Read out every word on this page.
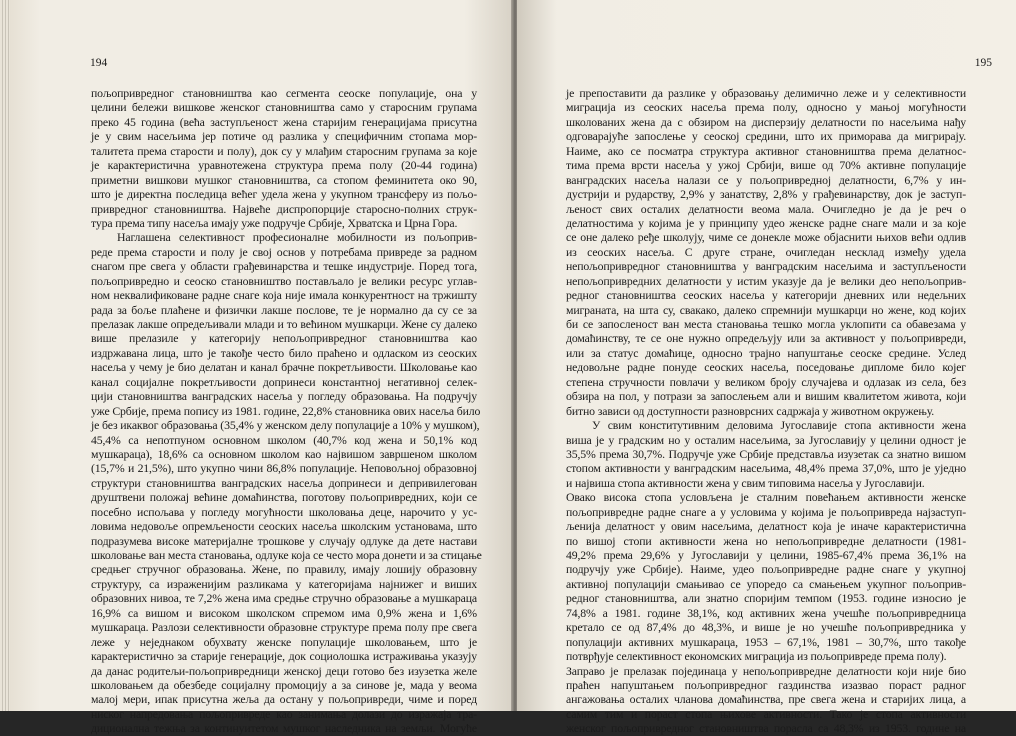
194
пољопривредног становништва као сегмента сеоске популације, она у
целини бележи вишкове женског становништва само у старосним групама
преко 45 година (већа заступљеност жена старијим генерацијама присутна
је у свим насељима јер потиче од разлика у специфичним стопама мор-
талитета према старости и полу), док су у млађим старосним групама за које
је карактеристична уравнотежена структура према полу (20-44 година)
приметни вишкови мушког становништва, са стопом феминитета око 90,
што је директна последица већег удела жена у укупном трансферу из пољо-
привредног становништва. Највеће диспропорције старосно-полних струк-
тура према типу насеља имају уже подручје Србије, Хрватска и Црна Гора.
Наглашена селективност професионалне мобилности из пољоприв-
реде према старости и полу је свој основ у потребама привреде за радном
снагом пре свега у области грађевинарства и тешке индустрије. Поред тога,
пољопривредно и сеоско становништво постављало је велики ресурс углав-
ном неквалификоване радне снаге која није имала конкурентност на тржишту
рада за боље плаћене и физички лакше послове, те је нормално да су се за
прелазак лакше опредељивали млади и то већином мушкарци. Жене су далеко
више прелазиле у категорију непољопривредног становништва као
издржавана лица, што је такође често било праћено и одласком из сеоских
насеља у чему је био делатан и канал брачне покретљивости. Школовање као
канал социјалне покретљивости допринеси константној негативној селек-
цији становништва ванградских насеља у погледу образовања. На подручју
уже Србије, према попису из 1981. године, 22,8% становника ових насеља било
је без икаквог образовања (35,4% у женском делу популације а 10% у мушком),
45,4% са непотпуном основном школом (40,7% код жена и 50,1% код
мушкараца), 18,6% са основном школом као највишом завршеном школом
(15,7% и 21,5%), што укупно чини 86,8% популације. Неповољној образовној
структури становништва ванградских насеља допринеси и депривилегован
друштвени положај већине домаћинства, поготову пољопривредних, који се
посебно испољава у погледу могућности школовања деце, нарочито у ус-
ловима недовоље опремљености сеоских насеља школским установама, што
подразумева високе материјалне трошкове у случају одлуке да дете настави
школовање ван места становања, одлуке која се често мора донети и за стицање
средњег стручног образовања. Жене, по правилу, имају лошију образовну
структуру, са израженијим разликама у категоријама најнижег и виших
образовних нивоа, те 7,2% жена има средње стручно образовање а мушкараца
16,9% са вишом и високом школском спремом има 0,9% жена и 1,6%
мушкараца. Разлози селективности образовне структуре према полу пре свега
леже у неједнаком обухвату женске популације школовањем, што је
карактеристично за старије генерације, док социолошка истраживања указују
да данас родитељи-пољопривредници женској деци готово без изузетка желе
школовањем да обезбеде социјалну промоцију а за синове је, мада у веома
малој мери, ипак присутна жеља да остану у пољопривреди, чиме и поред
ниског напредовања пољопривреде као занимања долази до изражаја тра-
диционална тежња за континуитетом мушког наследника на земљи. Могуће
195
је препоставити да разлике у образовању делимично леже и у селективности
миграција из сеоских насеља према полу, односно у мањој могућности
школованих жена да с обзиром на дисперзију делатности по насељима нађу
одговарајуће запослење у сеоској средини, што их примoрава да мигрирају.
Наиме, ако се посматра структура активног становништва према делатнос-
тима према врсти насеља у ужој Србији, више од 70% активне популације
ванградских насеља налази се у пољопривредној делатности, 6,7% у ин-
дустрији и рударству, 2,9% у занатству, 2,8% у грађевинарству, док је заступ-
љеност свих осталих делатности веома мала. Очигледно је да је реч о
делатностима у којима је у принципу удео женске радне снаге мали и за које
се оне далеко ређе школују, чиме се донекле може објаснити њихов већи одлив
из сеоских насеља. С друге стране, очигледан несклад између удела
непољопривредног становништва у ванградским насељима и заступљености
непољопривредних делатности у истим указује да је велики део непољоприв-
редног становништва сеоских насеља у категорији дневних или недељних
миграната, на шта су, свакако, далеко спремнији мушкарци но жене, код којих
би се запосленост ван места становања тешко могла уклопити са обавезама у
домаћинству, те се оне нужно опредељују или за активност у пољопривреди,
или за статус домаћице, односно трајно напуштање сеоске средине. Услед
недовољне радне понуде сеоских насеља, поседовање дипломе било којег
степена стручности повлачи у великом броју случајева и одлазак из села, без
обзира на пол, у потрази за запослењем али и вишим квалитетом живота, који
битно зависи од доступности разноврсних садржаја у животном окружењу.
У свим конститутивним деловима Југославије стопа активности жена
виша је у градским но у осталим насељима, за Југославију у целини одност је
35,5% према 30,7%. Подручје уже Србије представља изузетак са знатно вишом
стопом активности у ванградским насељима, 48,4% према 37,0%, што је уједно
и највиша стопа активности жена у свим типовима насеља у Југославији.
Овако висока стопа условљена је сталним повећањем активности женске
пољопривредне радне снаге а у условима у којима је пољопривреда најзаступ-
љенија делатност у овим насељима, делатност која је иначе карактеристична
по вишој стопи активности жена но непољопривредне делатности (1981-
49,2% према 29,6% у Југославији у целини, 1985-67,4% према 36,1% на
подручју уже Србије). Наиме, удео пољопривредне радне снаге у укупној
активној популацији смањивао се упоредо са смањењем укупног пољоприв-
редног становништва, али знатно споријим темпом (1953. године износио је
74,8% а 1981. године 38,1%, код активних жена учешће пољопривредница
кретало се од 87,4% до 48,3%, и више је но учешће пољопривредника у
популацији активних мушкараца, 1953 – 67,1%, 1981 – 30,7%, што такође
потврђује селективност економских миграција из пољопривреде према полу).
Заправо је прелазак појединаца у непољопривредне делатности који није био
праћен напуштањем пољопривредног газдинства изазвао пораст радног
ангажовања осталих чланова домаћинства, пре свега жена и старијих лица, а
самим тим и пораст стопа њихове активности. Тако је стопа активности
женског пољопривредног становништва порасла са 48,3% из 1953. године на
